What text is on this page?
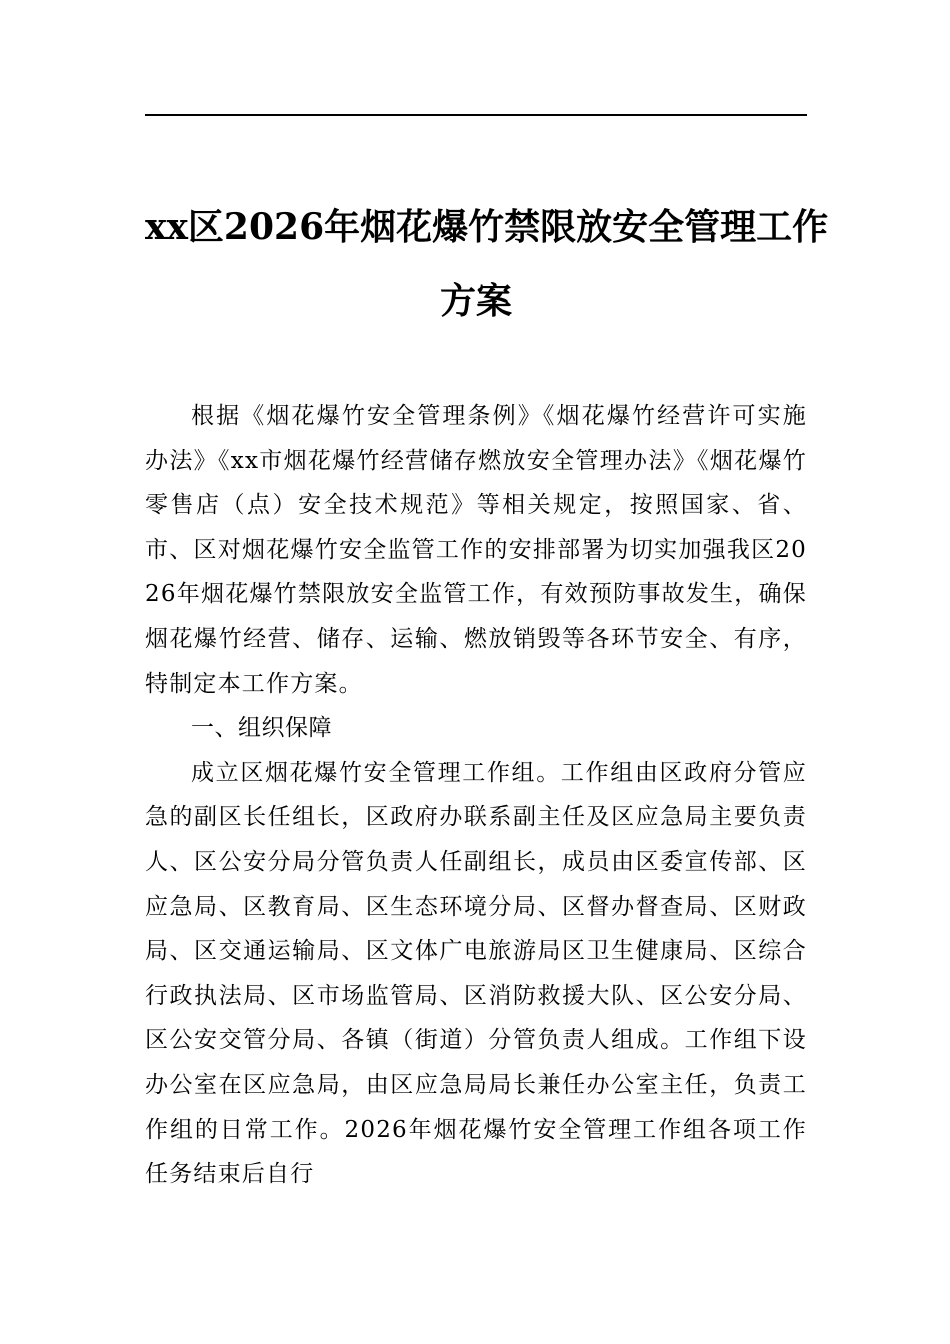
xx区2026年烟花爆竹禁限放安全管理工作
方案

根据《烟花爆竹安全管理条例》《烟花爆竹经营许可实施办法》《xx市烟花爆竹经营储存燃放安全管理办法》《烟花爆竹零售店（点）安全技术规范》等相关规定，按照国家、省、市、区对烟花爆竹安全监管工作的安排部署为切实加强我区2026年烟花爆竹禁限放安全监管工作，有效预防事故发生，确保烟花爆竹经营、储存、运输、燃放销毁等各环节安全、有序，特制定本工作方案。

一、组织保障

成立区烟花爆竹安全管理工作组。工作组由区政府分管应急的副区长任组长，区政府办联系副主任及区应急局主要负责人、区公安分局分管负责人任副组长，成员由区委宣传部、区应急局、区教育局、区生态环境分局、区督办督查局、区财政局、区交通运输局、区文体广电旅游局区卫生健康局、区综合行政执法局、区市场监管局、区消防救援大队、区公安分局、区公安交管分局、各镇（街道）分管负责人组成。工作组下设办公室在区应急局，由区应急局局长兼任办公室主任，负责工作组的日常工作。2026年烟花爆竹安全管理工作组各项工作任务结束后自行
